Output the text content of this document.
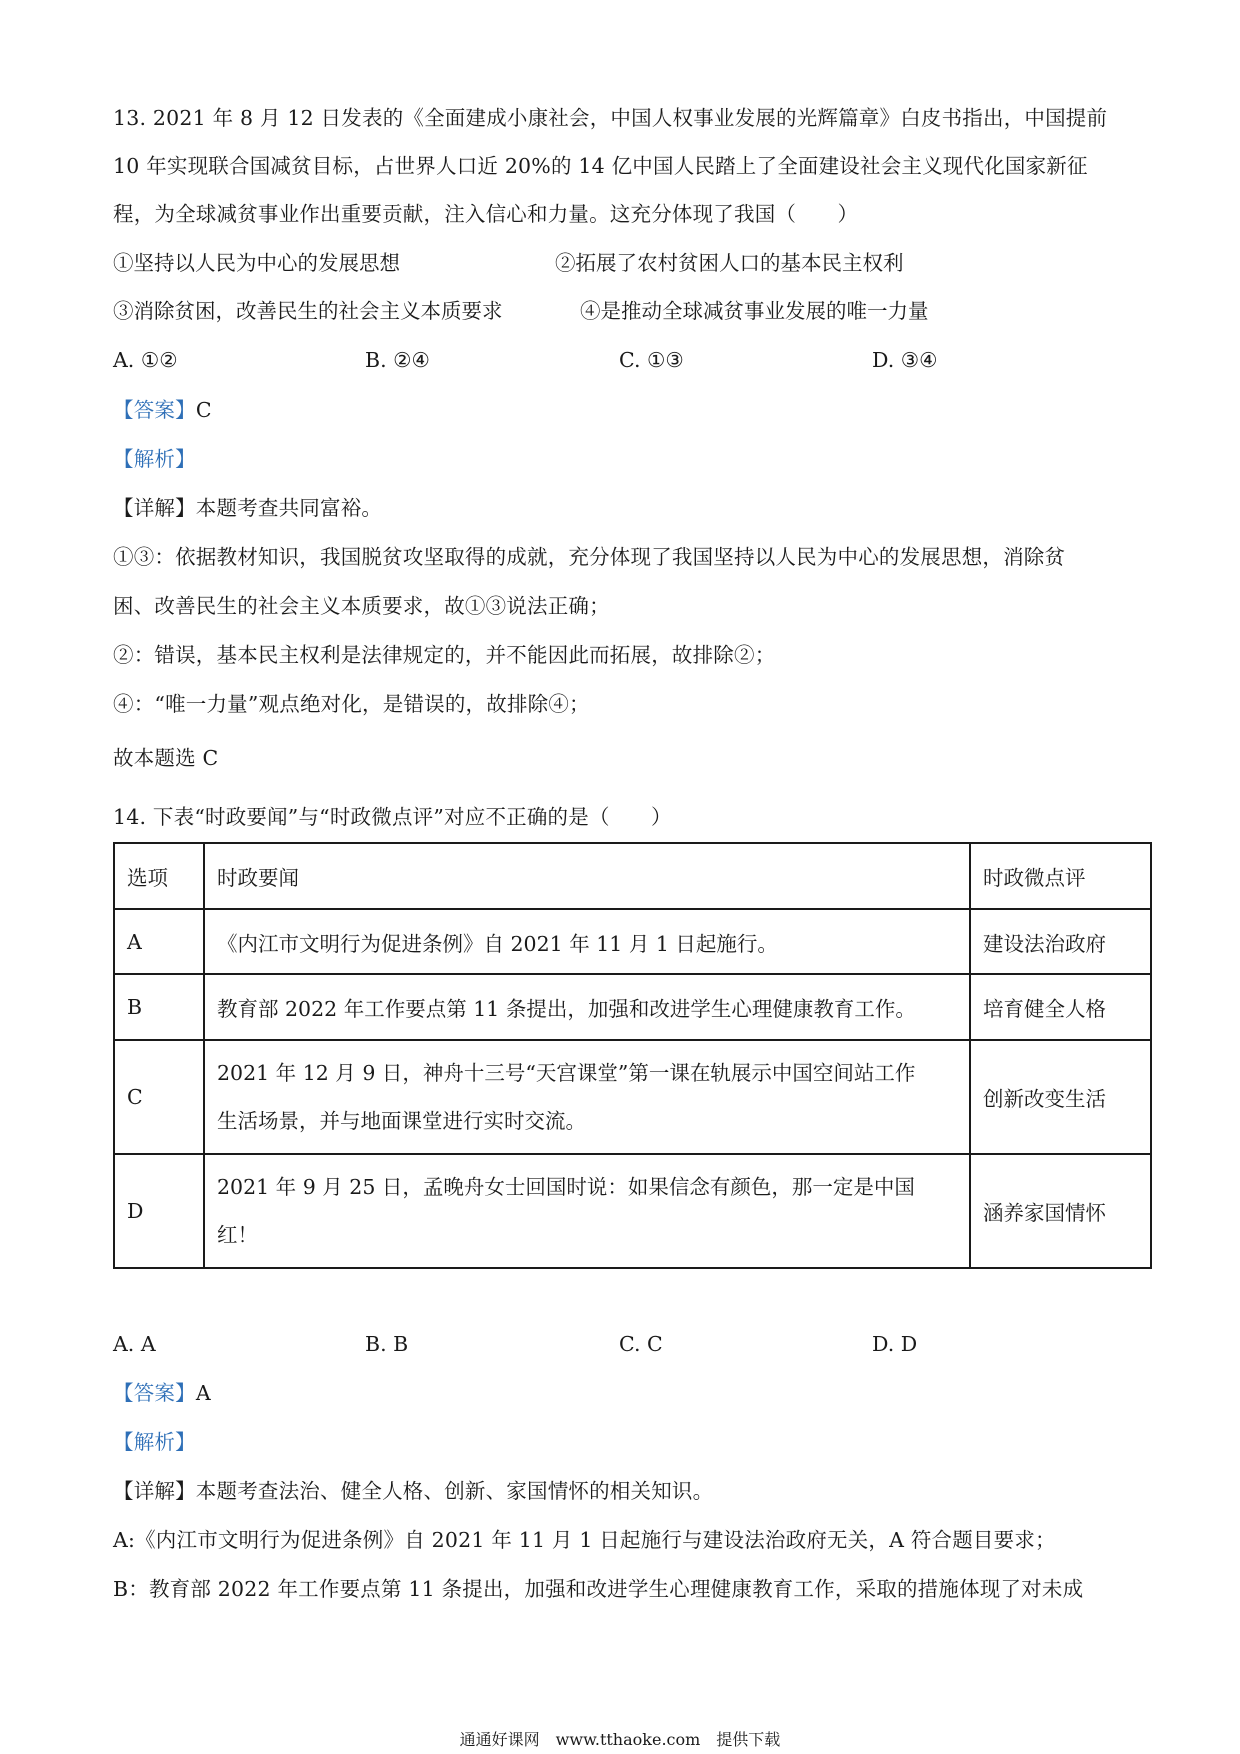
13. 2021 年 8 月 12 日发表的《全面建成小康社会，中国人权事业发展的光辉篇章》白皮书指出，中国提前
10 年实现联合国减贫目标，占世界人口近 20%的 14 亿中国人民踏上了全面建设社会主义现代化国家新征
程，为全球减贫事业作出重要贡献，注入信心和力量。这充分体现了我国（　　）
①坚持以人民为中心的发展思想	②拓展了农村贫困人口的基本民主权利
③消除贫困，改善民生的社会主义本质要求	④是推动全球减贫事业发展的唯一力量
A. ①②	B. ②④	C. ①③	D. ③④
【答案】C
【解析】
【详解】本题考查共同富裕。
①③：依据教材知识，我国脱贫攻坚取得的成就，充分体现了我国坚持以人民为中心的发展思想，消除贫
困、改善民生的社会主义本质要求，故①③说法正确；
②：错误，基本民主权利是法律规定的，并不能因此而拓展，故排除②；
④：“唯一力量”观点绝对化，是错误的，故排除④；
故本题选 C
14. 下表“时政要闻”与“时政微点评”对应不正确的是（　　）
选项	时政要闻	时政微点评
A	《内江市文明行为促进条例》自 2021 年 11 月 1 日起施行。	建设法治政府
B	教育部 2022 年工作要点第 11 条提出，加强和改进学生心理健康教育工作。	培育健全人格
C	2021 年 12 月 9 日，神舟十三号“天宫课堂”第一课在轨展示中国空间站工作
生活场景，并与地面课堂进行实时交流。	创新改变生活
D	2021 年 9 月 25 日，孟晚舟女士回国时说：如果信念有颜色，那一定是中国
红！	涵养家国情怀
A. A	B. B	C. C	D. D
【答案】A
【解析】
【详解】本题考查法治、健全人格、创新、家国情怀的相关知识。
A:《内江市文明行为促进条例》自 2021 年 11 月 1 日起施行与建设法治政府无关，A 符合题目要求；
B：教育部 2022 年工作要点第 11 条提出，加强和改进学生心理健康教育工作，采取的措施体现了对未成
通通好课网　www.tthaoke.com　提供下载
